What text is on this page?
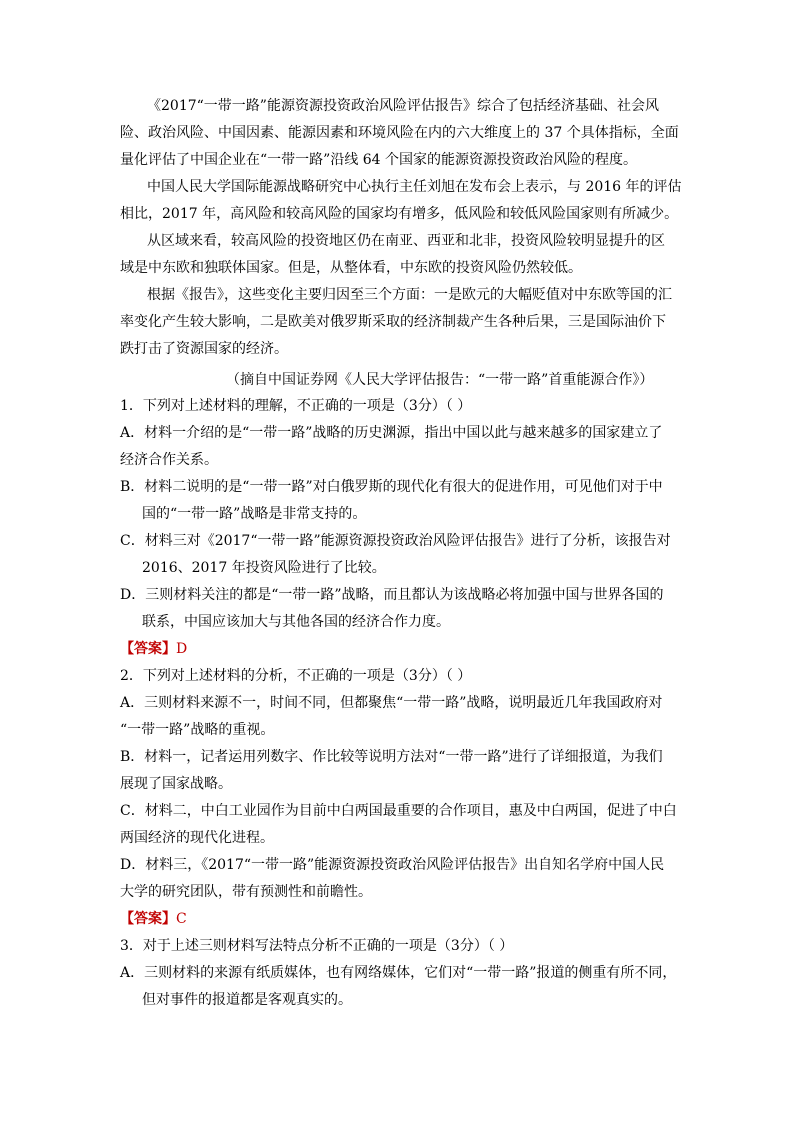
《2017“一带一路”能源资源投资政治风险评估报告》综合了包括经济基础、社会风
险、政治风险、中国因素、能源因素和环境风险在内的六大维度上的 37 个具体指标，全面
量化评估了中国企业在“一带一路”沿线 64 个国家的能源资源投资政治风险的程度。
中国人民大学国际能源战略研究中心执行主任刘旭在发布会上表示，与 2016 年的评估
相比，2017 年，高风险和较高风险的国家均有增多，低风险和较低风险国家则有所减少。
从区域来看，较高风险的投资地区仍在南亚、西亚和北非，投资风险较明显提升的区
域是中东欧和独联体国家。但是，从整体看，中东欧的投资风险仍然较低。
根据《报告》，这些变化主要归因至三个方面：一是欧元的大幅贬值对中东欧等国的汇
率变化产生较大影响，二是欧美对俄罗斯采取的经济制裁产生各种后果，三是国际油价下
跌打击了资源国家的经济。
（摘自中国证券网《人民大学评估报告：“一带一路”首重能源合作》）
1．下列对上述材料的理解，不正确的一项是（3分）（ ）
A．材料一介绍的是“一带一路”战略的历史渊源，指出中国以此与越来越多的国家建立了
经济合作关系。
B．材料二说明的是“一带一路”对白俄罗斯的现代化有很大的促进作用，可见他们对于中
国的“一带一路”战略是非常支持的。
C．材料三对《2017“一带一路”能源资源投资政治风险评估报告》进行了分析，该报告对
2016、2017 年投资风险进行了比较。
D．三则材料关注的都是“一带一路”战略，而且都认为该战略必将加强中国与世界各国的
联系，中国应该加大与其他各国的经济合作力度。
【答案】D
2．下列对上述材料的分析，不正确的一项是（3分）（ ）
A．三则材料来源不一，时间不同，但都聚焦“一带一路”战略，说明最近几年我国政府对
“一带一路”战略的重视。
B．材料一，记者运用列数字、作比较等说明方法对“一带一路”进行了详细报道，为我们
展现了国家战略。
C．材料二，中白工业园作为目前中白两国最重要的合作项目，惠及中白两国，促进了中白
两国经济的现代化进程。
D．材料三，《2017“一带一路”能源资源投资政治风险评估报告》出自知名学府中国人民
大学的研究团队，带有预测性和前瞻性。
【答案】C
3．对于上述三则材料写法特点分析不正确的一项是（3分）（ ）
A．三则材料的来源有纸质媒体，也有网络媒体，它们对“一带一路”报道的侧重有所不同，
但对事件的报道都是客观真实的。
